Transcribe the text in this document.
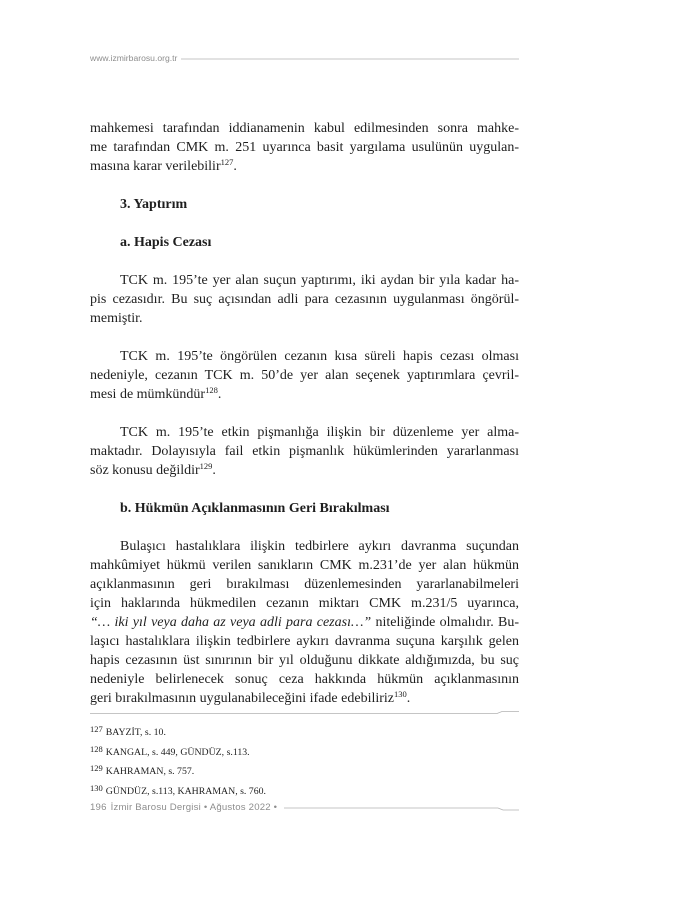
www.izmirbarosu.org.tr
mahkemesi tarafından iddianamenin kabul edilmesinden sonra mahke-
me tarafından CMK m. 251 uyarınca basit yargılama usulünün uygulan-
masına karar verilebilir$^{127}$.
3. Yaptırım
a. Hapis Cezası
TCK m. 195’te yer alan suçun yaptırımı, iki aydan bir yıla kadar ha-
pis cezasıdır. Bu suç açısından adli para cezasının uygulanması öngörül-
memiştir.
TCK m. 195’te öngörülen cezanın kısa süreli hapis cezası olması
nedeniyle, cezanın TCK m. 50’de yer alan seçenek yaptırımlara çevril-
mesi de mümkündür$^{128}$.
TCK m. 195’te etkin pişmanlığa ilişkin bir düzenleme yer alma-
maktadır. Dolayısıyla fail etkin pişmanlık hükümlerinden yararlanması
söz konusu değildir$^{129}$.
b. Hükmün Açıklanmasının Geri Bırakılması
Bulaşıcı hastalıklara ilişkin tedbirlere aykırı davranma suçundan
mahkûmiyet hükmü verilen sanıkların CMK m.231’de yer alan hükmün
açıklanmasının geri bırakılması düzenlemesinden yararlanabilmeleri
için haklarında hükmedilen cezanın miktarı CMK m.231/5 uyarınca,
“… iki yıl veya daha az veya adli para cezası…” niteliğinde olmalıdır. Bu-
laşıcı hastalıklara ilişkin tedbirlere aykırı davranma suçuna karşılık gelen
hapis cezasının üst sınırının bir yıl olduğunu dikkate aldığımızda, bu suç
nedeniyle belirlenecek sonuç ceza hakkında hükmün açıklanmasının
geri bırakılmasının uygulanabileceğini ifade edebiliriz$^{130}$.
127 BAYZİT, s. 10.
128 KANGAL, s. 449, GÜNDÜZ, s.113.
129 KAHRAMAN, s. 757.
130 GÜNDÜZ, s.113, KAHRAMAN, s. 760.
196 İzmir Barosu Dergisi • Ağustos 2022 •
